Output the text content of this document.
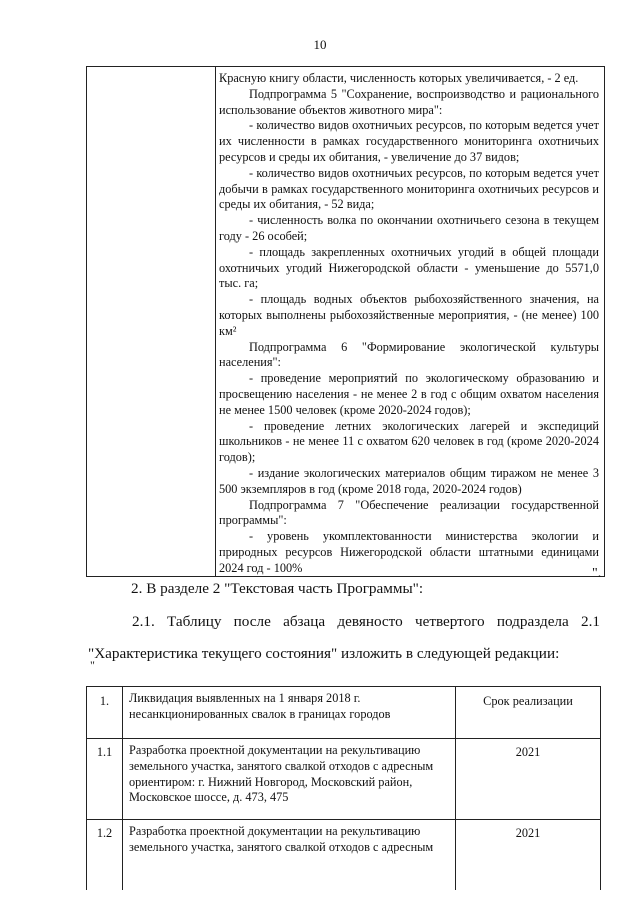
10

Красную книгу области, численность которых увеличивается, - 2 ед.

Подпрограмма 5 "Сохранение, воспроизводство и рационального использование объектов животного мира":

- количество видов охотничьих ресурсов, по которым ведется учет их численности в рамках государственного мониторинга охотничьих ресурсов и среды их обитания, - увеличение до 37 видов;

- количество видов охотничьих ресурсов, по которым ведется учет добычи в рамках государственного мониторинга охотничьих ресурсов и среды их обитания, - 52 вида;

- численность волка по окончании охотничьего сезона в текущем году - 26 особей;

- площадь закрепленных охотничьих угодий в общей площади охотничьих угодий Нижегородской области - уменьшение до 5571,0 тыс. га;

- площадь водных объектов рыбохозяйственного значения, на которых выполнены рыбохозяйственные мероприятия, - (не менее) 100 км²

Подпрограмма 6 "Формирование экологической культуры населения":

- проведение мероприятий по экологическому образованию и просвещению населения - не менее 2 в год с общим охватом населения не менее 1500 человек (кроме 2020-2024 годов);

- проведение летних экологических лагерей и экспедиций школьников - не менее 11 с охватом 620 человек в год (кроме 2020-2024 годов);

- издание экологических материалов общим тиражом не менее 3 500 экземпляров в год (кроме 2018 года, 2020-2024 годов)

Подпрограмма 7 "Обеспечение реализации государственной программы":

- уровень укомплектованности министерства экологии и природных ресурсов Нижегородской области штатными единицами 2024 год - 100%	".
2. В разделе 2 "Текстовая часть Программы":
2.1. Таблицу после абзаца девяносто четвертого подраздела 2.1 "Характеристика текущего состояния" изложить в следующей редакции:
"
1.	Ликвидация выявленных на 1 января 2018 г. несанкционированных свалок в границах городов	Срок реализации
1.1	Разработка проектной документации на рекультивацию земельного участка, занятого свалкой отходов с адресным ориентиром: г. Нижний Новгород, Московский район, Московское шоссе, д. 473, 475	2021
1.2	Разработка проектной документации на рекультивацию земельного участка, занятого свалкой отходов с адресным	2021
